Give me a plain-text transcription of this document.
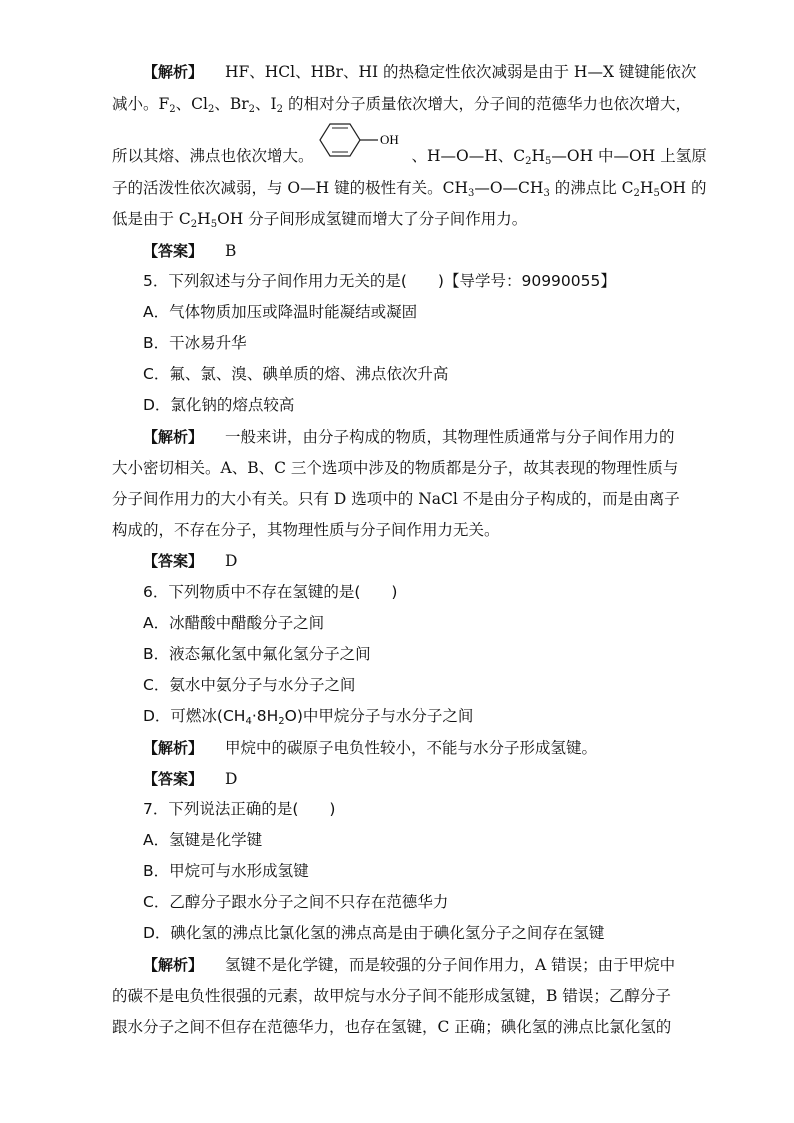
【解析】 HF、HCl、HBr、HI 的热稳定性依次减弱是由于 H—X 键键能依次
减小。$F_2$、$Cl_2$、$Br_2$、$I_2$ 的相对分子质量依次增大，分子间的范德华力也依次增大，
所以其熔、沸点也依次增大。	、H—O—H、$C_2H_5—OH$ 中—OH 上氢原
OH
子的活泼性依次减弱，与 O—H 键的极性有关。$CH_3—O—CH_3$ 的沸点比 $C_2H_5OH$ 的
低是由于 $C_2H_5OH$ 分子间形成氢键而增大了分子间作用力。
【答案】 B
5．下列叙述与分子间作用力无关的是(　　)【导学号：90990055】
A．气体物质加压或降温时能凝结或凝固
B．干冰易升华
C．氟、氯、溴、碘单质的熔、沸点依次升高
D．氯化钠的熔点较高
【解析】 一般来讲，由分子构成的物质，其物理性质通常与分子间作用力的
大小密切相关。A、B、C 三个选项中涉及的物质都是分子，故其表现的物理性质与
分子间作用力的大小有关。只有 D 选项中的 NaCl 不是由分子构成的，而是由离子
构成的，不存在分子，其物理性质与分子间作用力无关。
【答案】 D
6．下列物质中不存在氢键的是(　　)
A．冰醋酸中醋酸分子之间
B．液态氟化氢中氟化氢分子之间
C．氨水中氨分子与水分子之间
D．可燃冰$(CH_4\cdot 8H_2O)$中甲烷分子与水分子之间
【解析】 甲烷中的碳原子电负性较小，不能与水分子形成氢键。
【答案】 D
7．下列说法正确的是(　　)
A．氢键是化学键
B．甲烷可与水形成氢键
C．乙醇分子跟水分子之间不只存在范德华力
D．碘化氢的沸点比氯化氢的沸点高是由于碘化氢分子之间存在氢键
【解析】 氢键不是化学键，而是较强的分子间作用力，A 错误；由于甲烷中
的碳不是电负性很强的元素，故甲烷与水分子间不能形成氢键，B 错误；乙醇分子
跟水分子之间不但存在范德华力，也存在氢键，C 正确；碘化氢的沸点比氯化氢的
